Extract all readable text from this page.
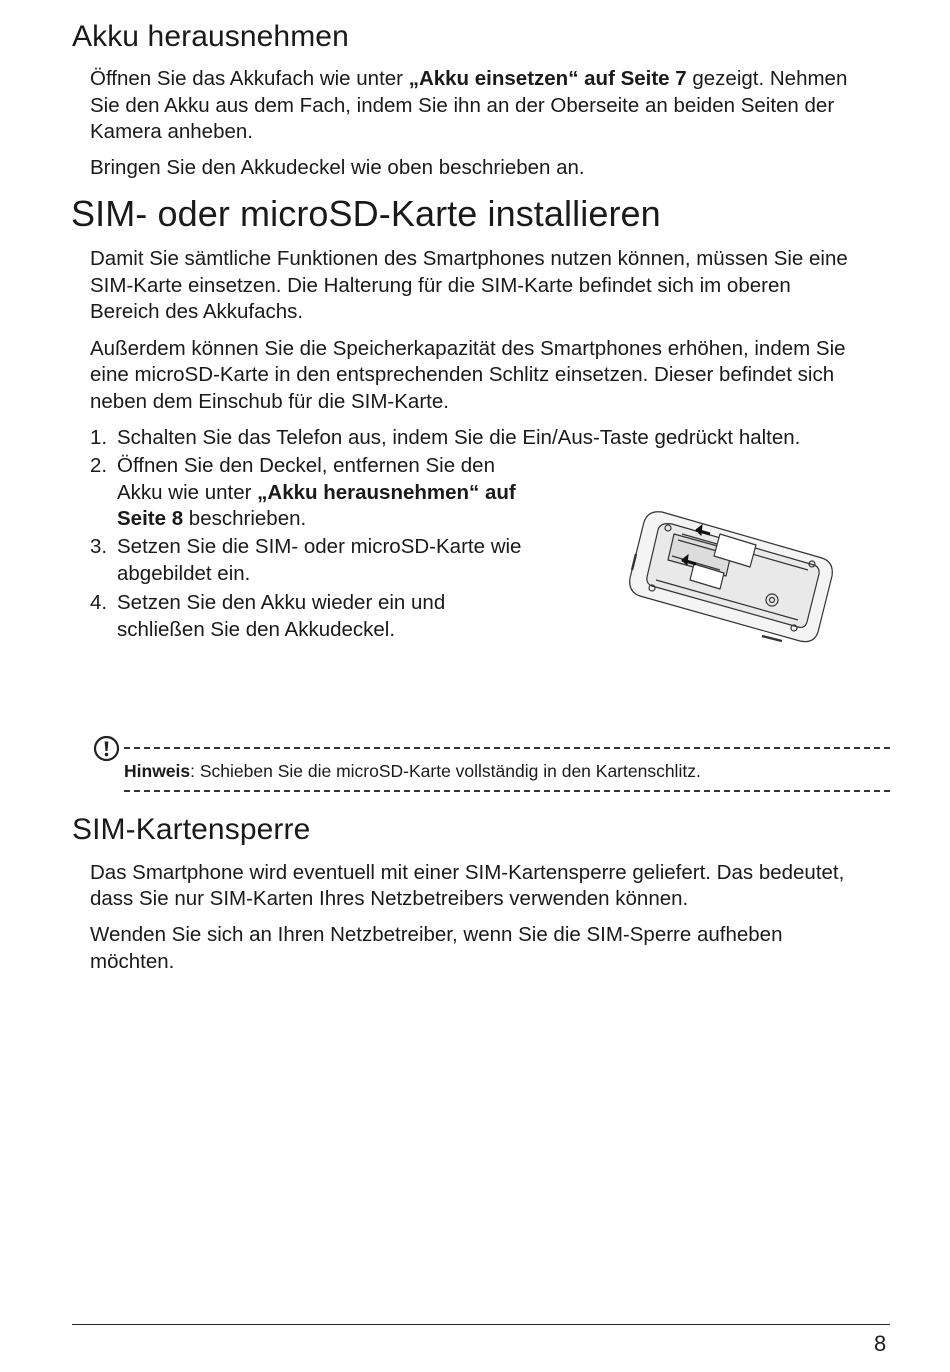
Akku herausnehmen

Öffnen Sie das Akkufach wie unter „Akku einsetzen“ auf Seite 7 gezeigt. Nehmen

Sie den Akku aus dem Fach, indem Sie ihn an der Oberseite an beiden Seiten der

Kamera anheben.

Bringen Sie den Akkudeckel wie oben beschrieben an.

SIM- oder microSD-Karte installieren

Damit Sie sämtliche Funktionen des Smartphones nutzen können, müssen Sie eine

SIM-Karte einsetzen. Die Halterung für die SIM-Karte befindet sich im oberen

Bereich des Akkufachs.

Außerdem können Sie die Speicherkapazität des Smartphones erhöhen, indem Sie

eine microSD-Karte in den entsprechenden Schlitz einsetzen. Dieser befindet sich

neben dem Einschub für die SIM-Karte.

1. Schalten Sie das Telefon aus, indem Sie die Ein/Aus-Taste gedrückt halten.
2. Öffnen Sie den Deckel, entfernen Sie den
Akku wie unter „Akku herausnehmen“ auf
Seite 8 beschrieben.
3. Setzen Sie die SIM- oder microSD-Karte wie
abgebildet ein.
4. Setzen Sie den Akku wieder ein und
schließen Sie den Akkudeckel.

Hinweis: Schieben Sie die microSD-Karte vollständig in den Kartenschlitz.

SIM-Kartensperre

Das Smartphone wird eventuell mit einer SIM-Kartensperre geliefert. Das bedeutet,

dass Sie nur SIM-Karten Ihres Netzbetreibers verwenden können.

Wenden Sie sich an Ihren Netzbetreiber, wenn Sie die SIM-Sperre aufheben

möchten.

8
